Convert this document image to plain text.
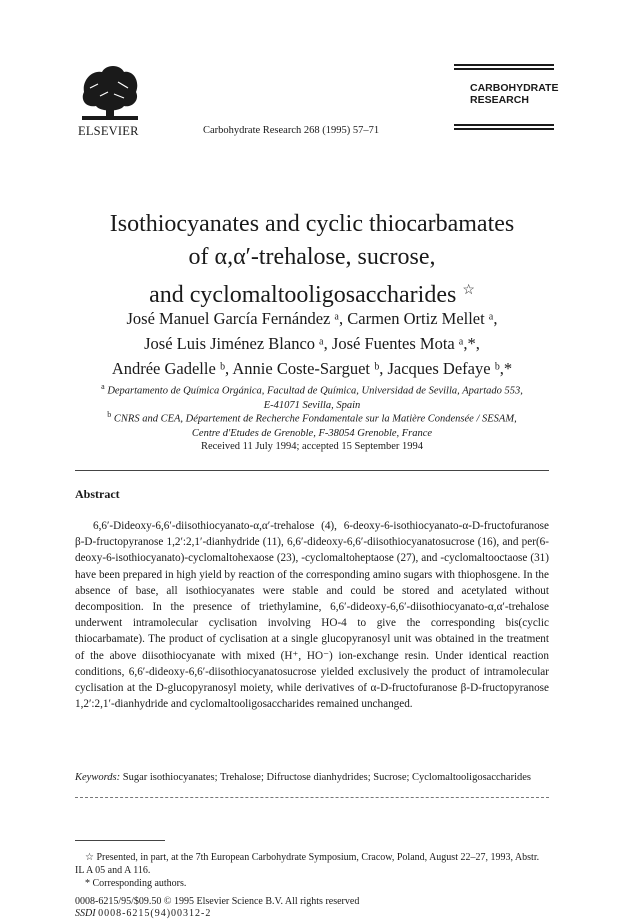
ELSEVIER	Carbohydrate Research 268 (1995) 57–71
CARBOHYDRATE
RESEARCH
Isothiocyanates and cyclic thiocarbamates
of α,α′-trehalose, sucrose,
and cyclomaltooligosaccharides ☆
José Manuel García Fernández ᵃ, Carmen Ortiz Mellet ᵃ,
José Luis Jiménez Blanco ᵃ, José Fuentes Mota ᵃ,*,
Andrée Gadelle ᵇ, Annie Coste-Sarguet ᵇ, Jacques Defaye ᵇ,*
$^a$ Departamento de Química Orgánica, Facultad de Química, Universidad de Sevilla, Apartado 553,
E-41071 Sevilla, Spain
$^b$ CNRS and CEA, Département de Recherche Fondamentale sur la Matière Condensée / SESAM,
Centre d'Etudes de Grenoble, F-38054 Grenoble, France
Received 11 July 1994; accepted 15 September 1994
Abstract

6,6′-Dideoxy-6,6′-diisothiocyanato-α,α′-trehalose (4), 6-deoxy-6-isothiocyanato-α-D-fructofuranose β-D-fructopyranose 1,2′:2,1′-dianhydride (11), 6,6′-dideoxy-6,6′-diisothiocyanatosucrose (16), and per(6-deoxy-6-isothiocyanato)-cyclomaltohexaose (23), -cyclomaltoheptaose (27), and -cyclomaltooctaose (31) have been prepared in high yield by reaction of the corresponding amino sugars with thiophosgene. In the absence of base, all isothiocyanates were stable and could be stored and acetylated without decomposition. In the presence of triethylamine, 6,6′-dideoxy-6,6′-diisothiocyanato-α,α′-trehalose underwent intramolecular cyclisation involving HO-4 to give the corresponding bis(cyclic thiocarbamate). The product of cyclisation at a single glucopyranosyl unit was obtained in the treatment of the above diisothiocyanate with mixed (H⁺, HO⁻) ion-exchange resin. Under identical reaction conditions, 6,6′-dideoxy-6,6′-diisothiocyanatosucrose yielded exclusively the product of intramolecular cyclisation at the D-glucopyranosyl moiety, while derivatives of α-D-fructofuranose β-D-fructopyranose 1,2′:2,1′-dianhydride and cyclomaltooligosaccharides remained unchanged.

Keywords: Sugar isothiocyanates; Trehalose; Difructose dianhydrides; Sucrose; Cyclomaltooligosaccharides

☆ Presented, in part, at the 7th European Carbohydrate Symposium, Cracow, Poland, August 22–27, 1993, Abstr. IL A 05 and A 116.

* Corresponding authors.

0008-6215/95/$09.50 © 1995 Elsevier Science B.V. All rights reserved
SSDI 0008-6215(94)00312-2
